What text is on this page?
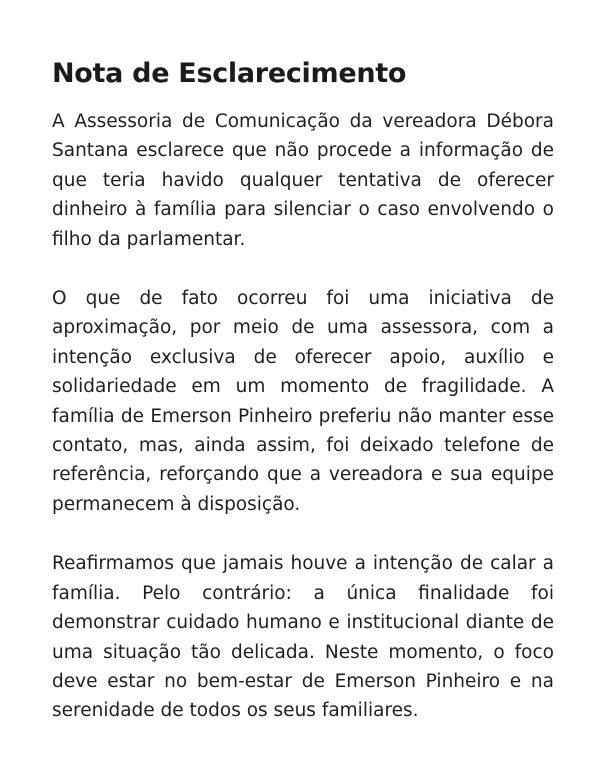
Nota de Esclarecimento

A Assessoria de Comunicação da vereadora Débora Santana esclarece que não procede a informação de que teria havido qualquer tentativa de oferecer dinheiro à família para silenciar o caso envolvendo o filho da parlamentar.

O que de fato ocorreu foi uma iniciativa de aproximação, por meio de uma assessora, com a intenção exclusiva de oferecer apoio, auxílio e solidariedade em um momento de fragilidade. A família de Emerson Pinheiro preferiu não manter esse contato, mas, ainda assim, foi deixado telefone de referência, reforçando que a vereadora e sua equipe permanecem à disposição.

Reafirmamos que jamais houve a intenção de calar a família. Pelo contrário: a única finalidade foi demonstrar cuidado humano e institucional diante de uma situação tão delicada. Neste momento, o foco deve estar no bem-estar de Emerson Pinheiro e na serenidade de todos os seus familiares.
